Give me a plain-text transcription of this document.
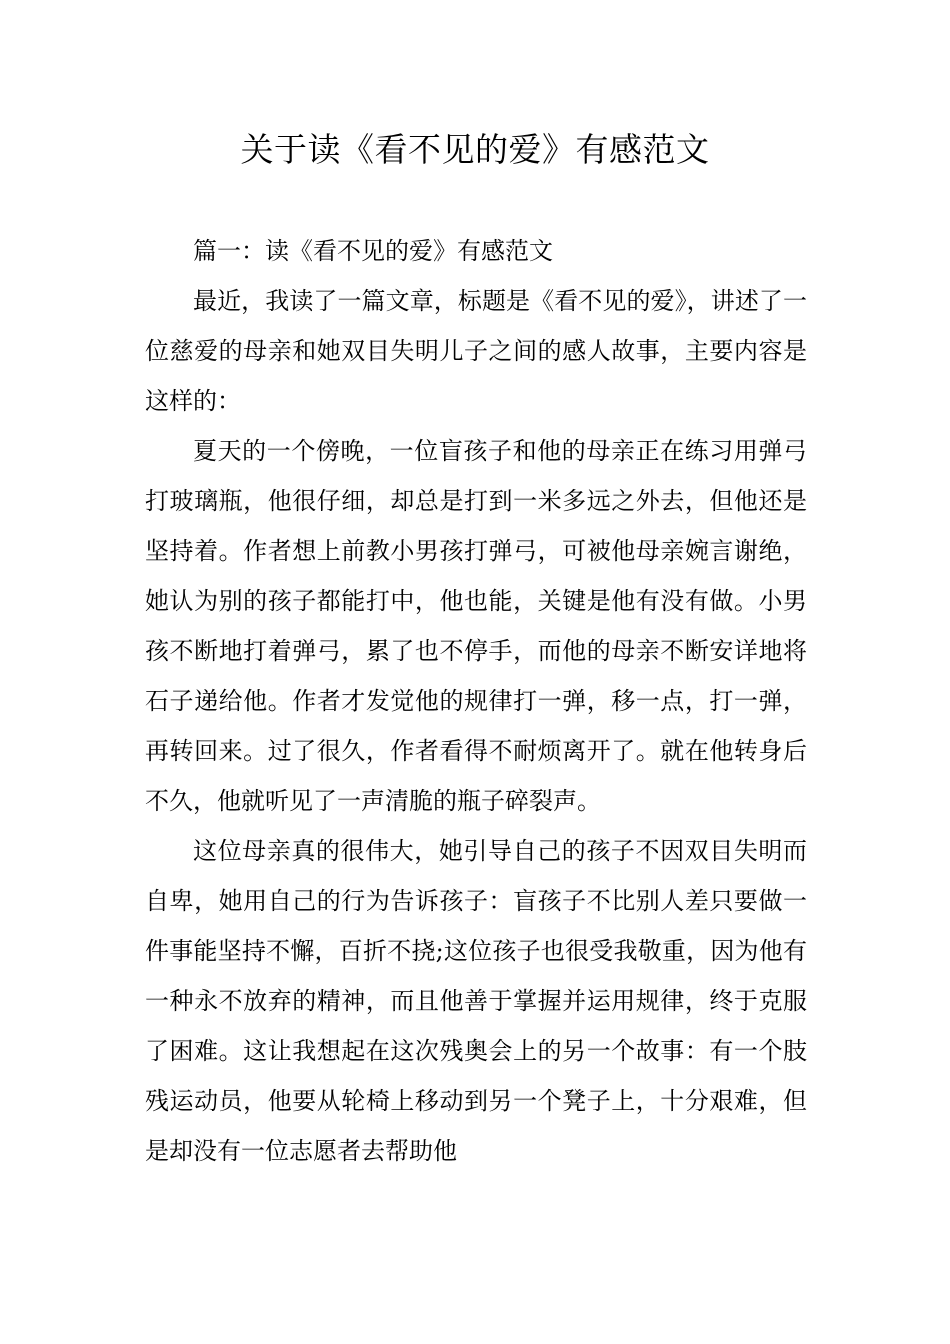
关于读《看不见的爱》有感范文

篇一：读《看不见的爱》有感范文

最近，我读了一篇文章，标题是《看不见的爱》，讲述了一位慈爱的母亲和她双目失明儿子之间的感人故事，主要内容是这样的：

夏天的一个傍晚，一位盲孩子和他的母亲正在练习用弹弓打玻璃瓶，他很仔细，却总是打到一米多远之外去，但他还是坚持着。作者想上前教小男孩打弹弓，可被他母亲婉言谢绝，她认为别的孩子都能打中，他也能，关键是他有没有做。小男孩不断地打着弹弓，累了也不停手，而他的母亲不断安详地将石子递给他。作者才发觉他的规律打一弹，移一点，打一弹，再转回来。过了很久，作者看得不耐烦离开了。就在他转身后不久，他就听见了一声清脆的瓶子碎裂声。

这位母亲真的很伟大，她引导自己的孩子不因双目失明而自卑，她用自己的行为告诉孩子：盲孩子不比别人差只要做一件事能坚持不懈，百折不挠;这位孩子也很受我敬重，因为他有一种永不放弃的精神，而且他善于掌握并运用规律，终于克服了困难。这让我想起在这次残奥会上的另一个故事：有一个肢残运动员，他要从轮椅上移动到另一个凳子上，十分艰难，但是却没有一位志愿者去帮助他
